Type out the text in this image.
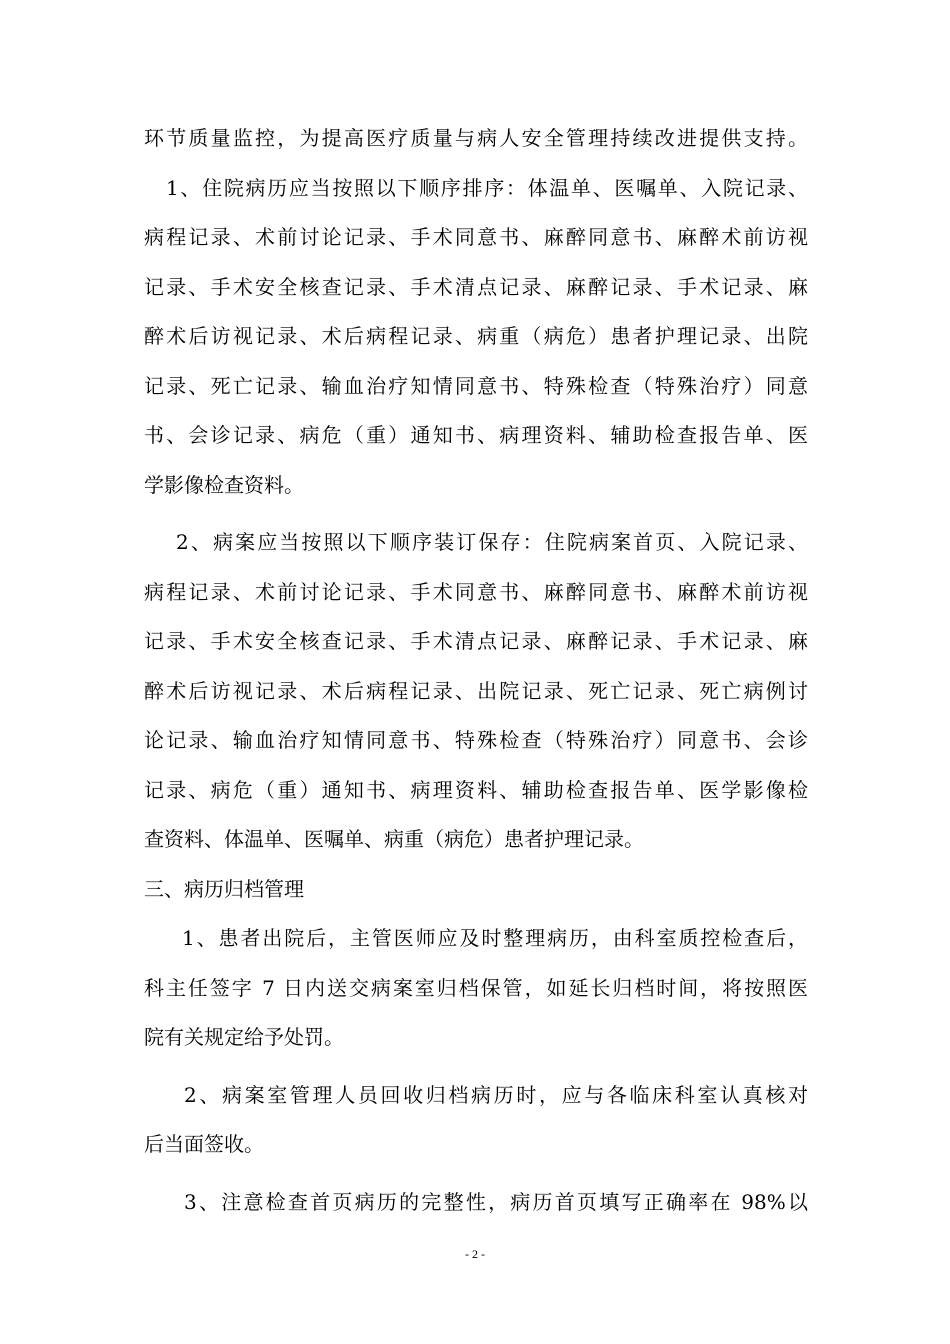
环节质量监控，为提高医疗质量与病人安全管理持续改进提供支持。
1、住院病历应当按照以下顺序排序：体温单、医嘱单、入院记录、
病程记录、术前讨论记录、手术同意书、麻醉同意书、麻醉术前访视
记录、手术安全核查记录、手术清点记录、麻醉记录、手术记录、麻
醉术后访视记录、术后病程记录、病重（病危）患者护理记录、出院
记录、死亡记录、输血治疗知情同意书、特殊检查（特殊治疗）同意
书、会诊记录、病危（重）通知书、病理资料、辅助检查报告单、医
学影像检查资料。
2、病案应当按照以下顺序装订保存：住院病案首页、入院记录、
病程记录、术前讨论记录、手术同意书、麻醉同意书、麻醉术前访视
记录、手术安全核查记录、手术清点记录、麻醉记录、手术记录、麻
醉术后访视记录、术后病程记录、出院记录、死亡记录、死亡病例讨
论记录、输血治疗知情同意书、特殊检查（特殊治疗）同意书、会诊
记录、病危（重）通知书、病理资料、辅助检查报告单、医学影像检
查资料、体温单、医嘱单、病重（病危）患者护理记录。
三、病历归档管理
1、患者出院后，主管医师应及时整理病历，由科室质控检查后，
科主任签字 7 日内送交病案室归档保管，如延长归档时间，将按照医
院有关规定给予处罚。
2、病案室管理人员回收归档病历时，应与各临床科室认真核对
后当面签收。
3、注意检查首页病历的完整性，病历首页填写正确率在 98%以
- 2 -
